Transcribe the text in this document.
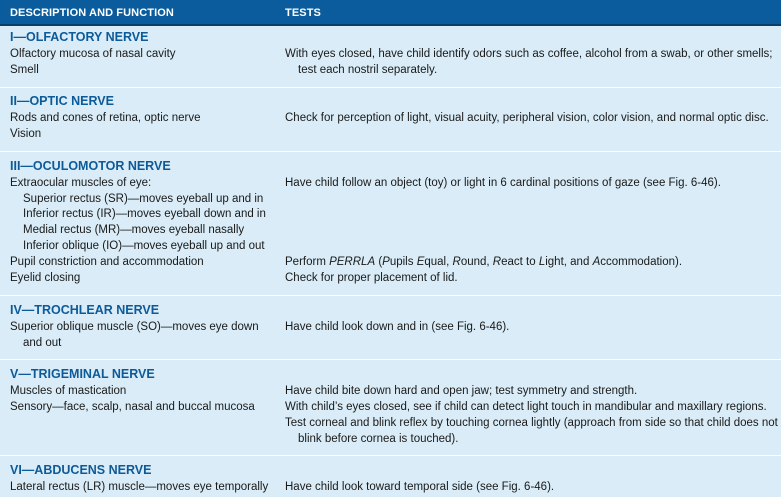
DESCRIPTION AND FUNCTION	TESTS
I—OLFACTORY NERVE
Olfactory mucosa of nasal cavity
Smell
With eyes closed, have child identify odors such as coffee, alcohol from a swab, or other smells;
test each nostril separately.
II—OPTIC NERVE
Rods and cones of retina, optic nerve
Vision
Check for perception of light, visual acuity, peripheral vision, color vision, and normal optic disc.
III—OCULOMOTOR NERVE
Extraocular muscles of eye:
Superior rectus (SR)—moves eyeball up and in
Inferior rectus (IR)—moves eyeball down and in
Medial rectus (MR)—moves eyeball nasally
Inferior oblique (IO)—moves eyeball up and out
Pupil constriction and accommodation
Eyelid closing
Have child follow an object (toy) or light in 6 cardinal positions of gaze (see Fig. 6-46).
Perform PERRLA (Pupils Equal, Round, React to Light, and Accommodation).
Check for proper placement of lid.
IV—TROCHLEAR NERVE
Superior oblique muscle (SO)—moves eye down
and out
Have child look down and in (see Fig. 6-46).
V—TRIGEMINAL NERVE
Muscles of mastication
Sensory—face, scalp, nasal and buccal mucosa
Have child bite down hard and open jaw; test symmetry and strength.
With child’s eyes closed, see if child can detect light touch in mandibular and maxillary regions.
Test corneal and blink reflex by touching cornea lightly (approach from side so that child does not
blink before cornea is touched).
VI—ABDUCENS NERVE
Lateral rectus (LR) muscle—moves eye temporally Have child look toward temporal side (see Fig. 6-46).
